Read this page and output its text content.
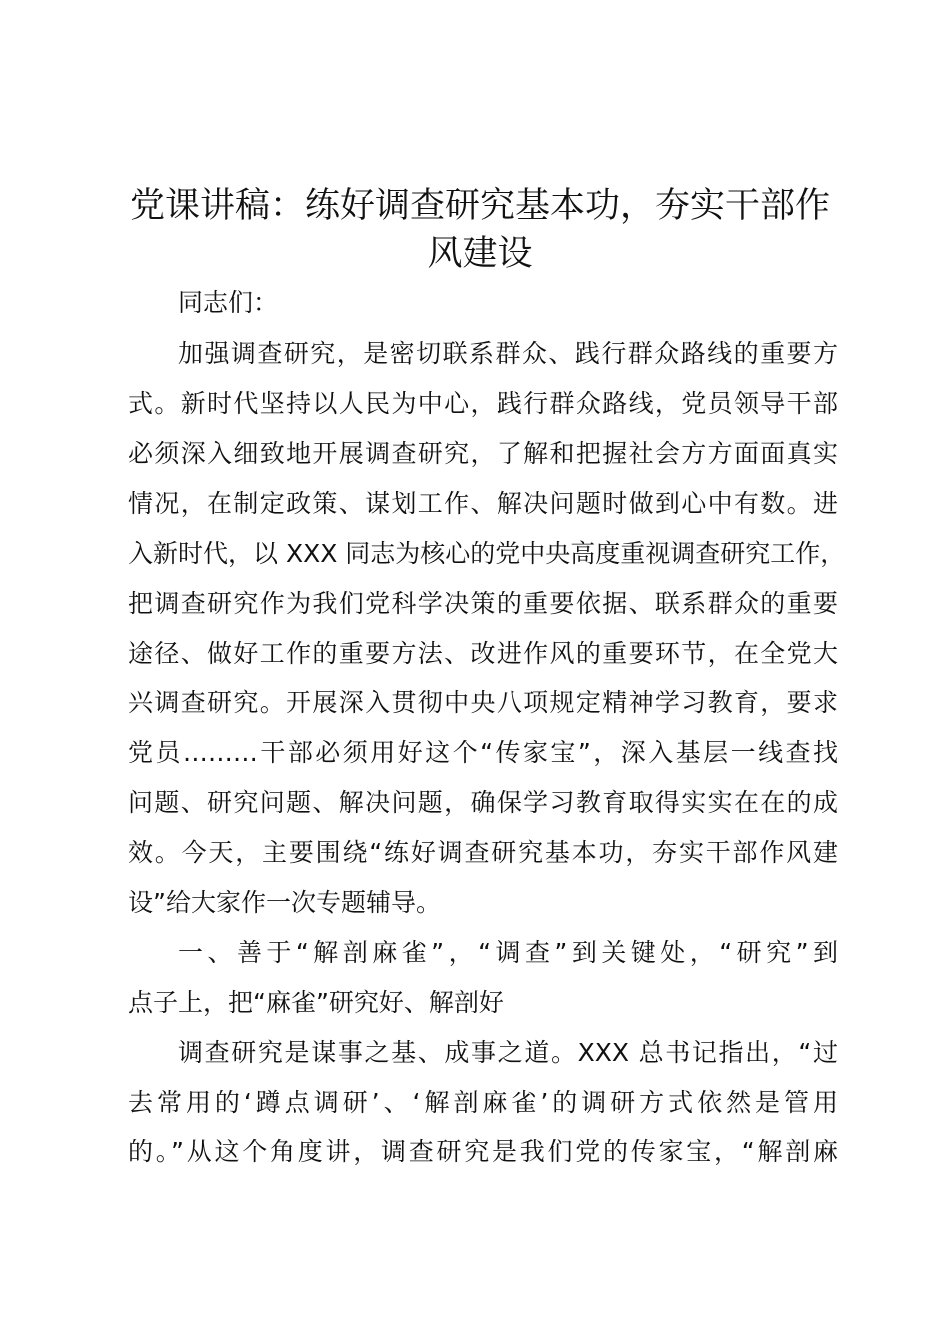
党课讲稿：练好调查研究基本功，夯实干部作
风建设

同志们：

加强调查研究，是密切联系群众、践行群众路线的重要方

式。新时代坚持以人民为中心，践行群众路线，党员领导干部

必须深入细致地开展调查研究，了解和把握社会方方面面真实

情况，在制定政策、谋划工作、解决问题时做到心中有数。进

入新时代，以 XXX 同志为核心的党中央高度重视调查研究工作，

把调查研究作为我们党科学决策的重要依据、联系群众的重要

途径、做好工作的重要方法、改进作风的重要环节，在全党大

兴调查研究。开展深入贯彻中央八项规定精神学习教育，要求

党员………干部必须用好这个“传家宝”，深入基层一线查找

问题、研究问题、解决问题，确保学习教育取得实实在在的成

效。今天，主要围绕“练好调查研究基本功，夯实干部作风建

设”给大家作一次专题辅导。

一、善于“解剖麻雀”，“调查”到关键处，“研究”到

点子上，把“麻雀”研究好、解剖好

调查研究是谋事之基、成事之道。XXX 总书记指出，“过

去常用的‘蹲点调研’、‘解剖麻雀’的调研方式依然是管用

的。”从这个角度讲，调查研究是我们党的传家宝，“解剖麻
